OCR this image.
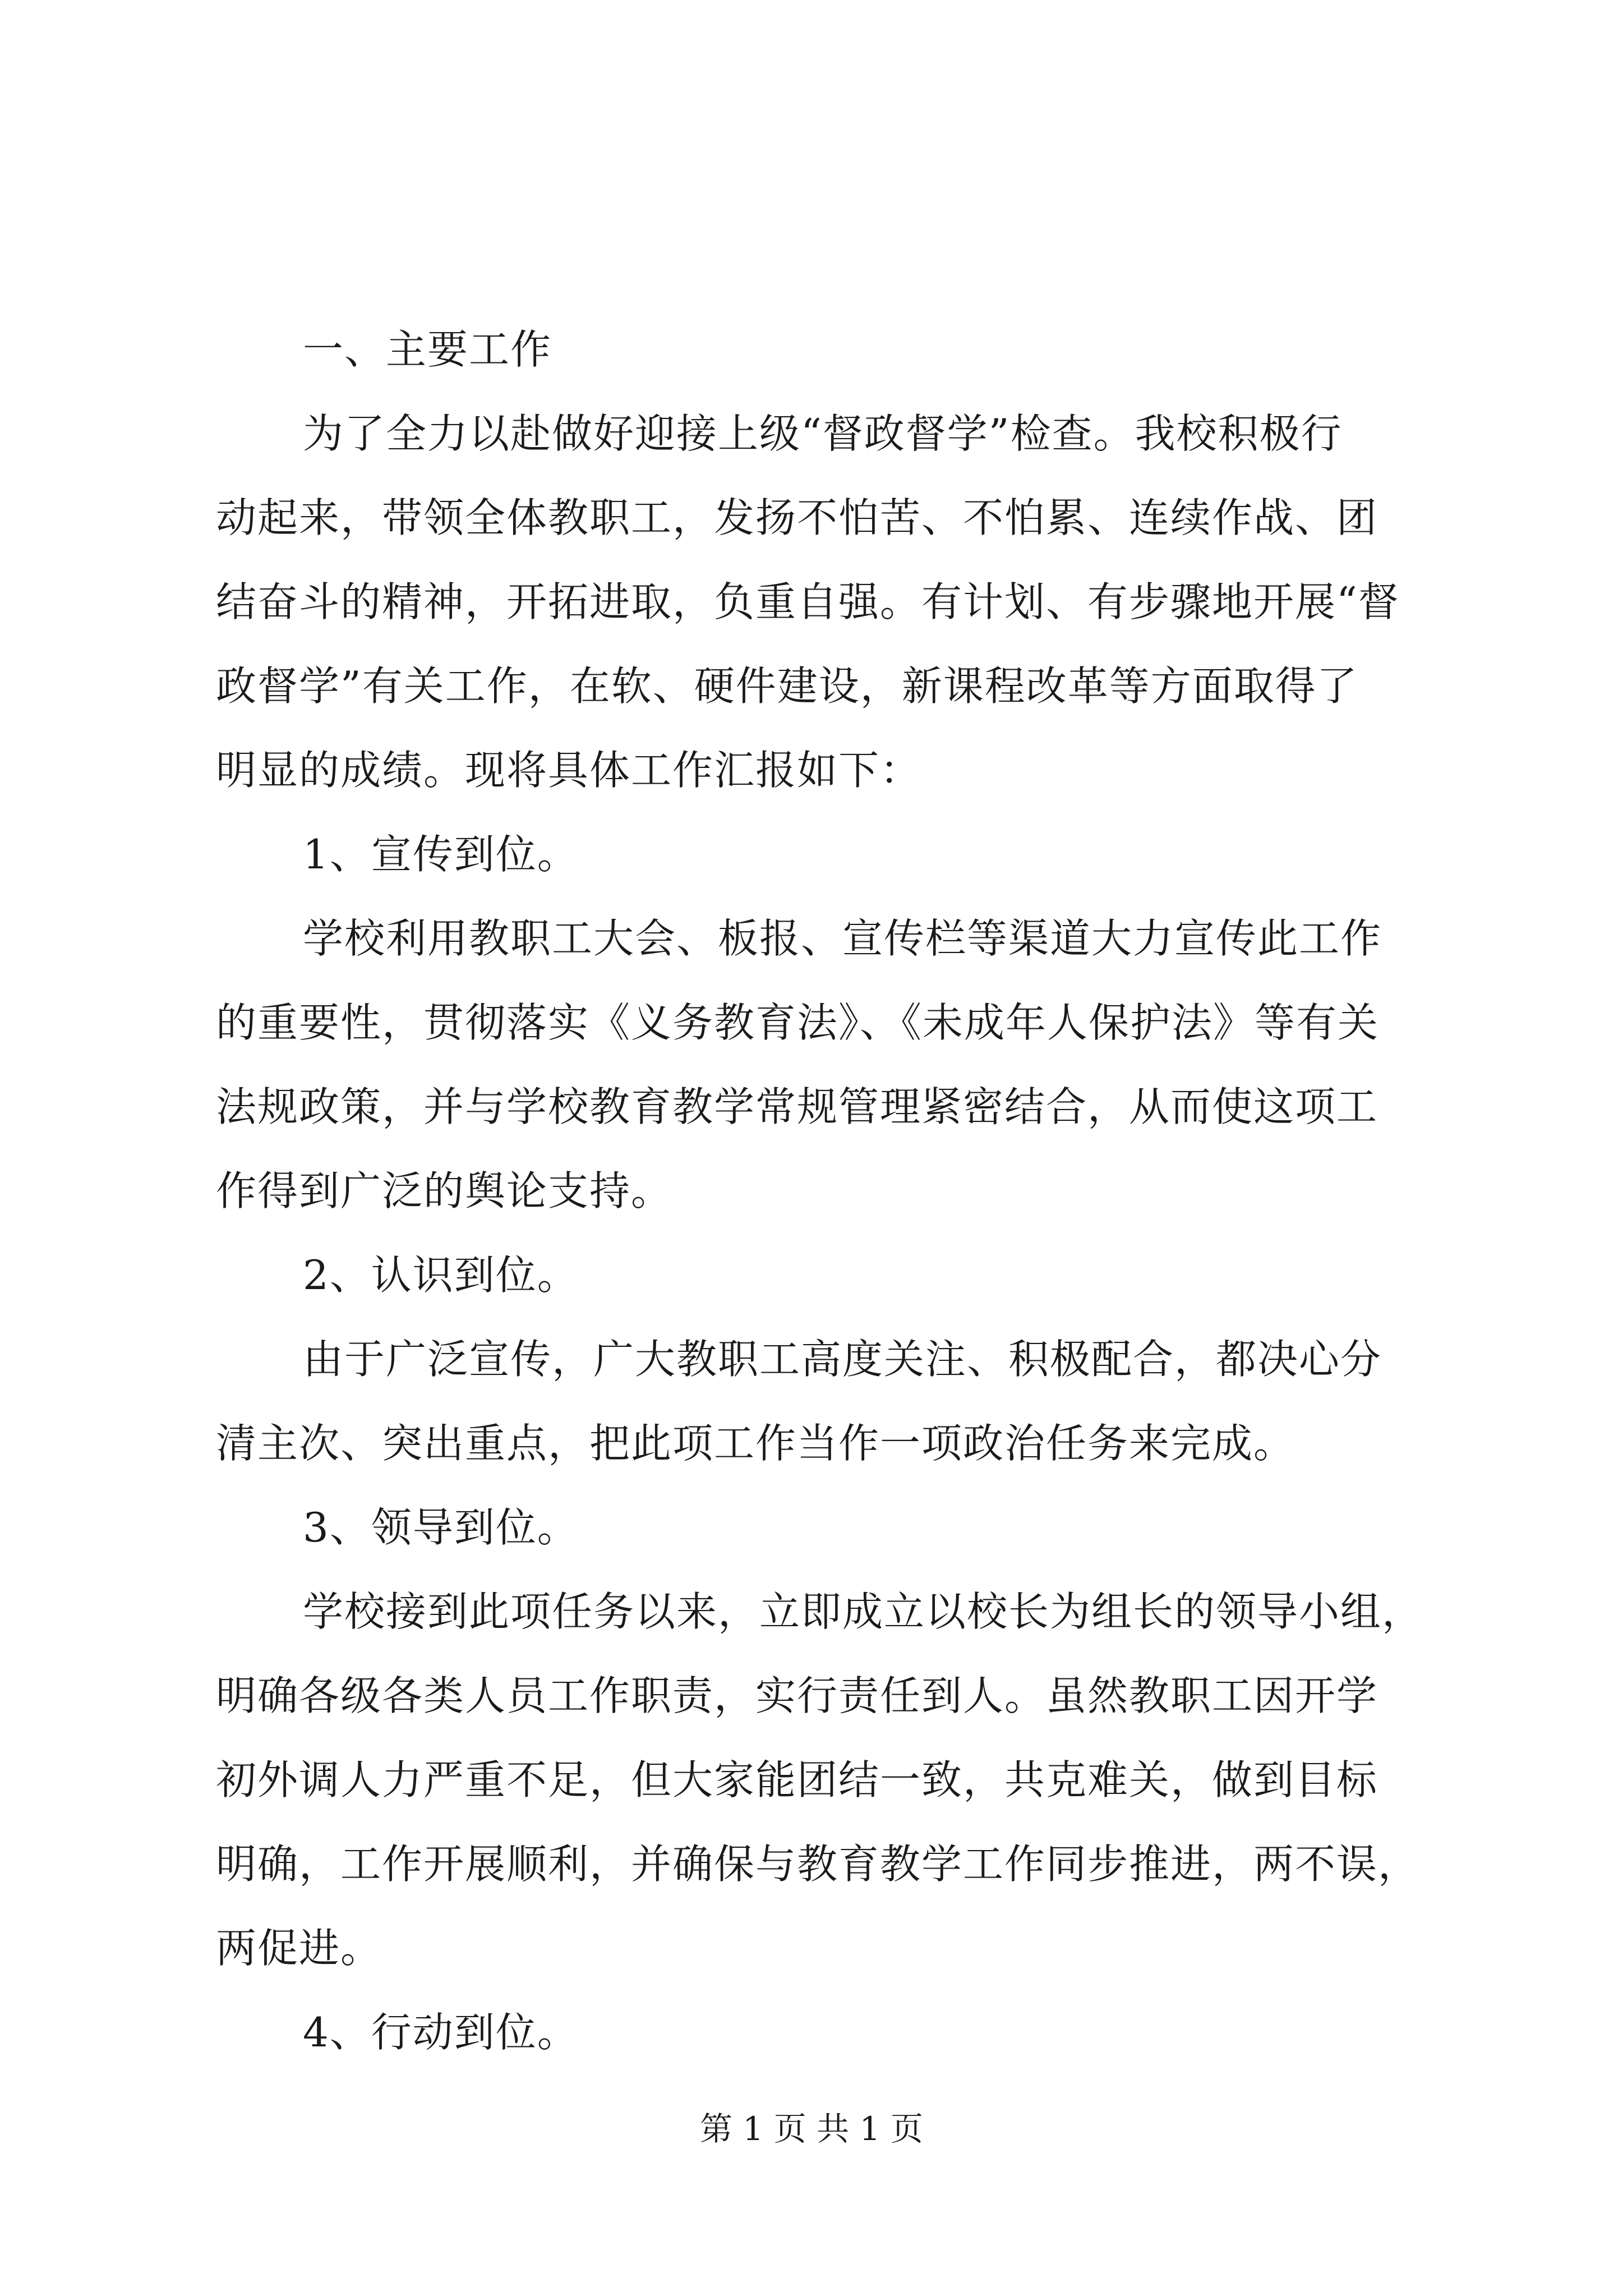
一、主要工作
为了全力以赴做好迎接上级“督政督学”检查。我校积极行
动起来，带领全体教职工，发扬不怕苦、不怕累、连续作战、团
结奋斗的精神，开拓进取，负重自强。有计划、有步骤地开展“督
政督学”有关工作，在软、硬件建设，新课程改革等方面取得了
明显的成绩。现将具体工作汇报如下：
1、宣传到位。
学校利用教职工大会、板报、宣传栏等渠道大力宣传此工作
的重要性，贯彻落实《义务教育法》、《未成年人保护法》等有关
法规政策，并与学校教育教学常规管理紧密结合，从而使这项工
作得到广泛的舆论支持。
2、认识到位。
由于广泛宣传，广大教职工高度关注、积极配合，都决心分
清主次、突出重点，把此项工作当作一项政治任务来完成。
3、领导到位。
学校接到此项任务以来，立即成立以校长为组长的领导小组，
明确各级各类人员工作职责，实行责任到人。虽然教职工因开学
初外调人力严重不足，但大家能团结一致，共克难关，做到目标
明确，工作开展顺利，并确保与教育教学工作同步推进，两不误，
两促进。
4、行动到位。
第 1 页 共 1 页
